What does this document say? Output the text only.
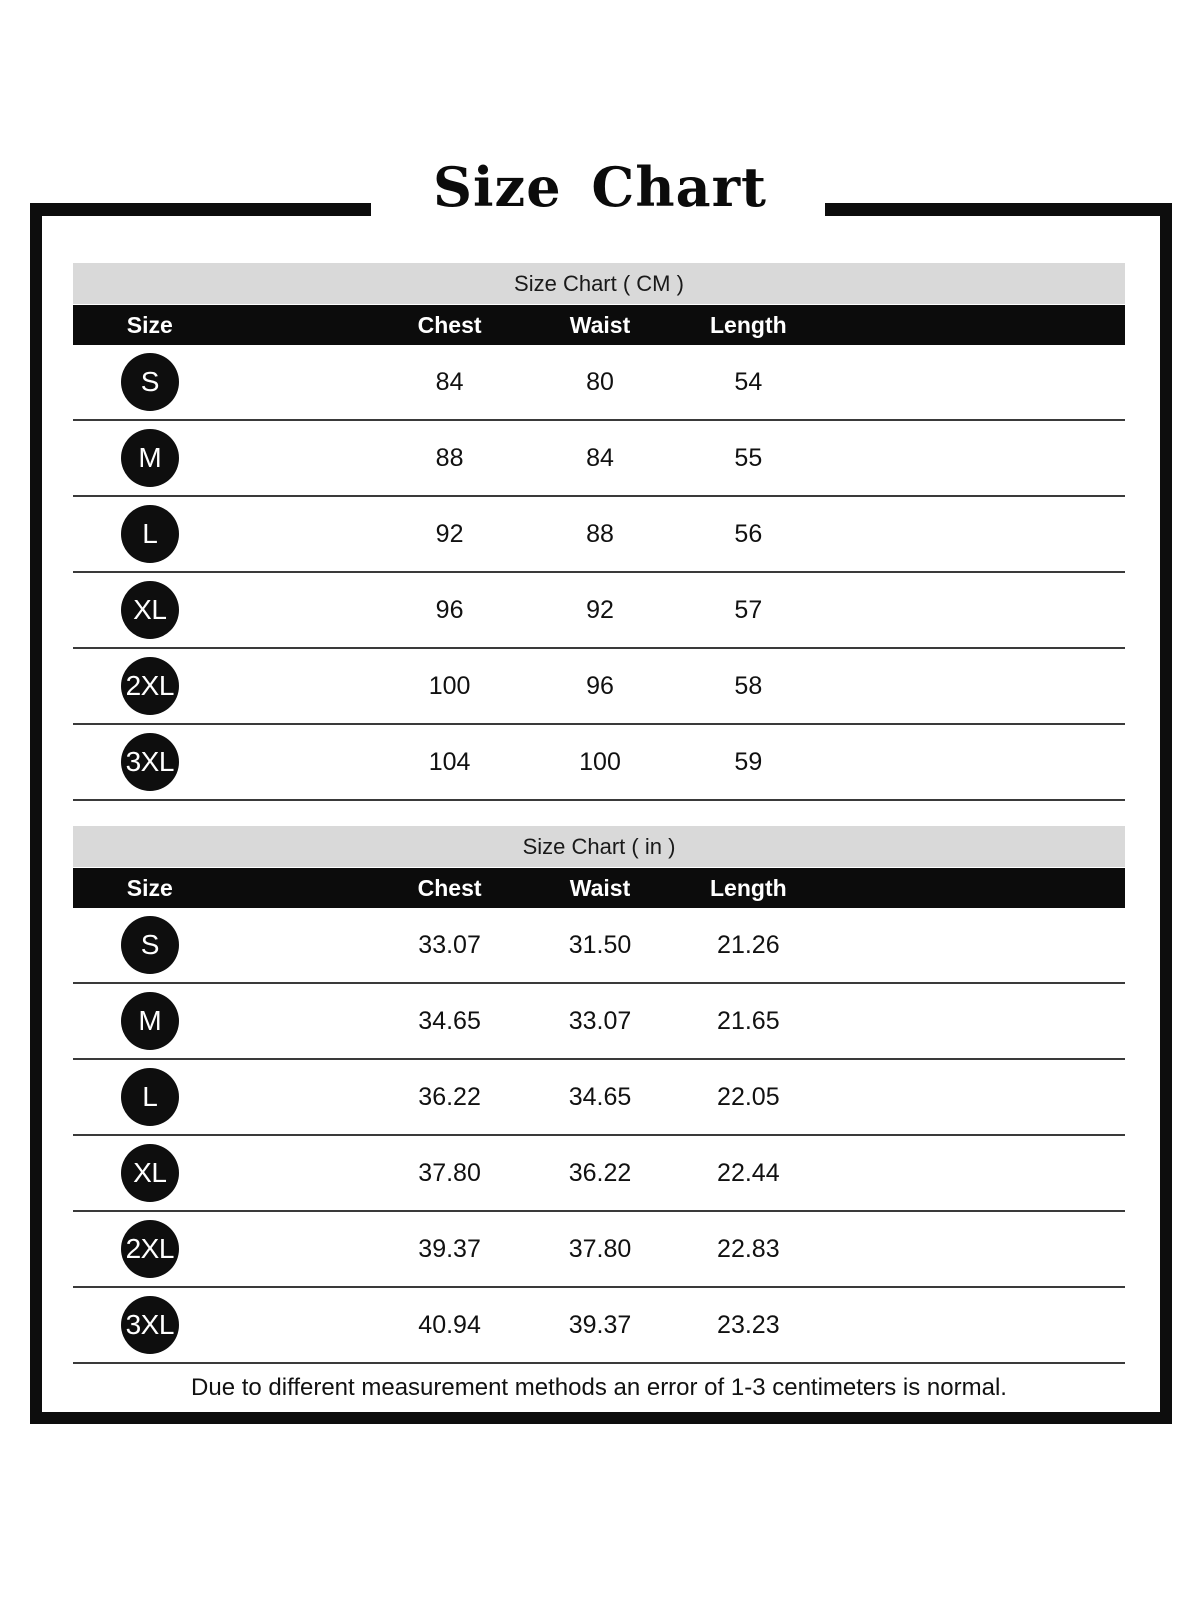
Size Chart
Size Chart ( CM )
Size	Chest	Waist	Length
S	84	80	54
M	88	84	55
L	92	88	56
XL	96	92	57
2XL	100	96	58
3XL	104	100	59
Size Chart ( in )
Size	Chest	Waist	Length
S	33.07	31.50	21.26
M	34.65	33.07	21.65
L	36.22	34.65	22.05
XL	37.80	36.22	22.44
2XL	39.37	37.80	22.83
3XL	40.94	39.37	23.23
Due to different measurement methods an error of 1-3 centimeters is normal.
